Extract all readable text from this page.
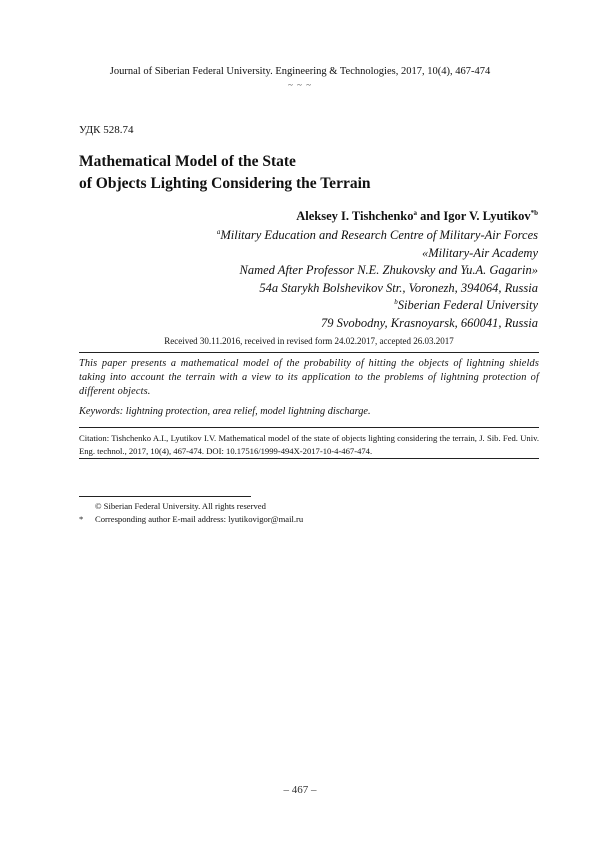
Journal of Siberian Federal University. Engineering & Technologies, 2017, 10(4), 467-474
~ ~ ~
УДК 528.74
Mathematical Model of the State
of Objects Lighting Considering the Terrain
Aleksey I. Tishchenko$^a$ and Igor V. Lyutikov$^{*b}$
$^a$Military Education and Research Centre of Military-Air Forces
«Military-Air Academy
Named After Professor N.E. Zhukovsky and Yu.A. Gagarin»
54a Starykh Bolshevikov Str., Voronezh, 394064, Russia
$^b$Siberian Federal University
79 Svobodny, Krasnoyarsk, 660041, Russia
Received 30.11.2016, received in revised form 24.02.2017, accepted 26.03.2017
This paper presents a mathematical model of the probability of hitting the objects of lightning shields taking into account the terrain with a view to its application to the problems of lightning protection of different objects.
Keywords: lightning protection, area relief, model lightning discharge.
Citation: Tishchenko A.I., Lyutikov I.V. Mathematical model of the state of objects lighting considering the terrain, J. Sib. Fed. Univ. Eng. technol., 2017, 10(4), 467-474. DOI: 10.17516/1999-494X-2017-10-4-467-474.
© Siberian Federal University. All rights reserved
* Corresponding author E-mail address: lyutikovigor@mail.ru
– 467 –
